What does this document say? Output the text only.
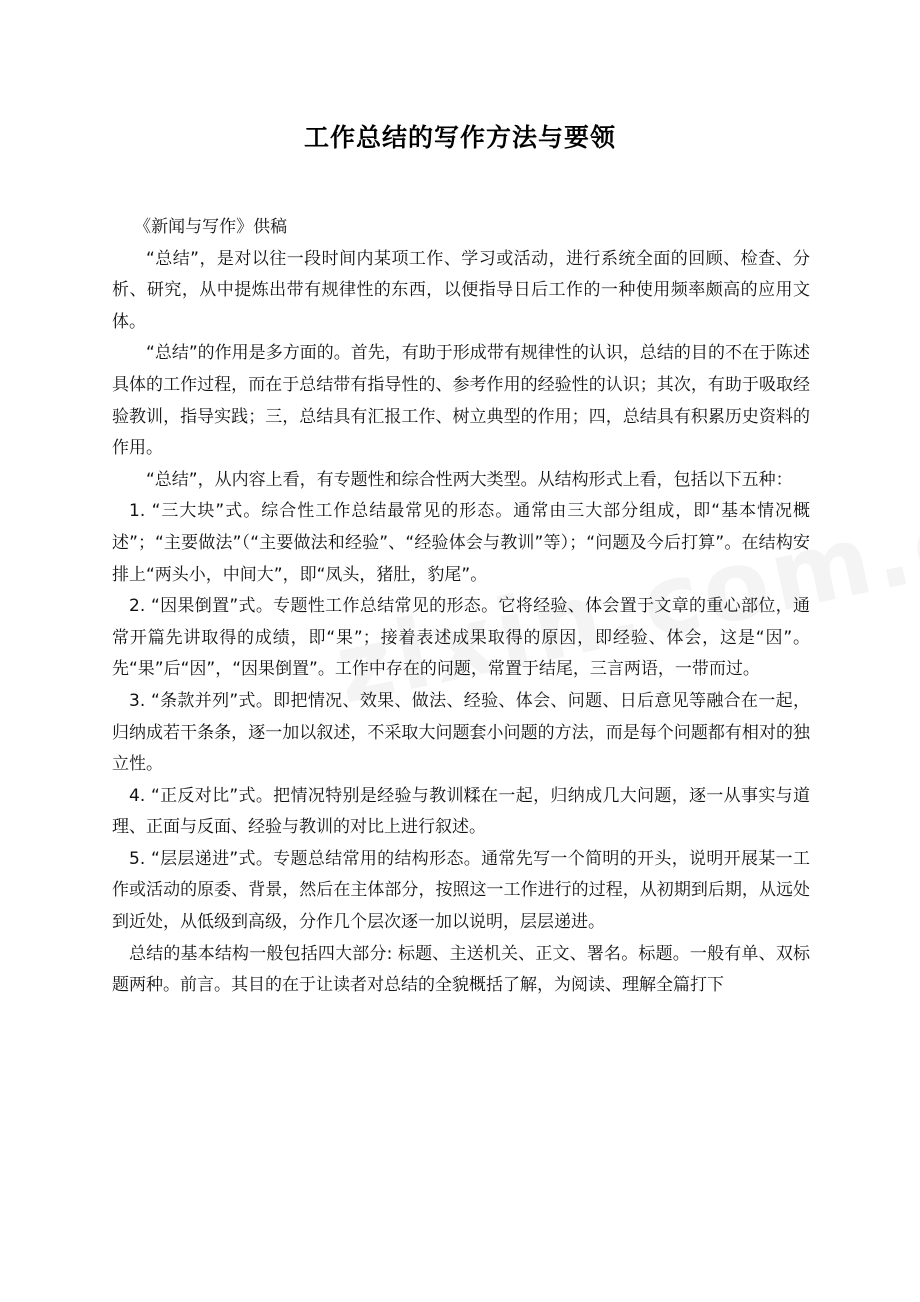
工作总结的写作方法与要领

《新闻与写作》供稿

“总结”，是对以往一段时间内某项工作、学习或活动，进行系统全面的回顾、检查、分析、研究，从中提炼出带有规律性的东西，以便指导日后工作的一种使用频率颇高的应用文体。

“总结”的作用是多方面的。首先，有助于形成带有规律性的认识，总结的目的不在于陈述具体的工作过程，而在于总结带有指导性的、参考作用的经验性的认识；其次，有助于吸取经验教训，指导实践；三，总结具有汇报工作、树立典型的作用；四，总结具有积累历史资料的作用。

“总结”，从内容上看，有专题性和综合性两大类型。从结构形式上看，包括以下五种：

1. “三大块”式。综合性工作总结最常见的形态。通常由三大部分组成，即“基本情况概述”；“主要做法”（“主要做法和经验”、“经验体会与教训”等）；“问题及今后打算”。在结构安排上“两头小，中间大”，即“凤头，猪肚，豹尾”。

2. “因果倒置”式。专题性工作总结常见的形态。它将经验、体会置于文章的重心部位，通常开篇先讲取得的成绩，即“果”；接着表述成果取得的原因，即经验、体会，这是“因”。先“果”后“因”，“因果倒置”。工作中存在的问题，常置于结尾，三言两语，一带而过。

3. “条款并列”式。即把情况、效果、做法、经验、体会、问题、日后意见等融合在一起，归纳成若干条条，逐一加以叙述，不采取大问题套小问题的方法，而是每个问题都有相对的独立性。

4. “正反对比”式。把情况特别是经验与教训糅在一起，归纳成几大问题，逐一从事实与道理、正面与反面、经验与教训的对比上进行叙述。

5. “层层递进”式。专题总结常用的结构形态。通常先写一个简明的开头，说明开展某一工作或活动的原委、背景，然后在主体部分，按照这一工作进行的过程，从初期到后期，从远处到近处，从低级到高级，分作几个层次逐一加以说明，层层递进。

总结的基本结构一般包括四大部分: 标题、主送机关、正文、署名。标题。一般有单、双标题两种。前言。其目的在于让读者对总结的全貌概括了解，为阅读、理解全篇打下
